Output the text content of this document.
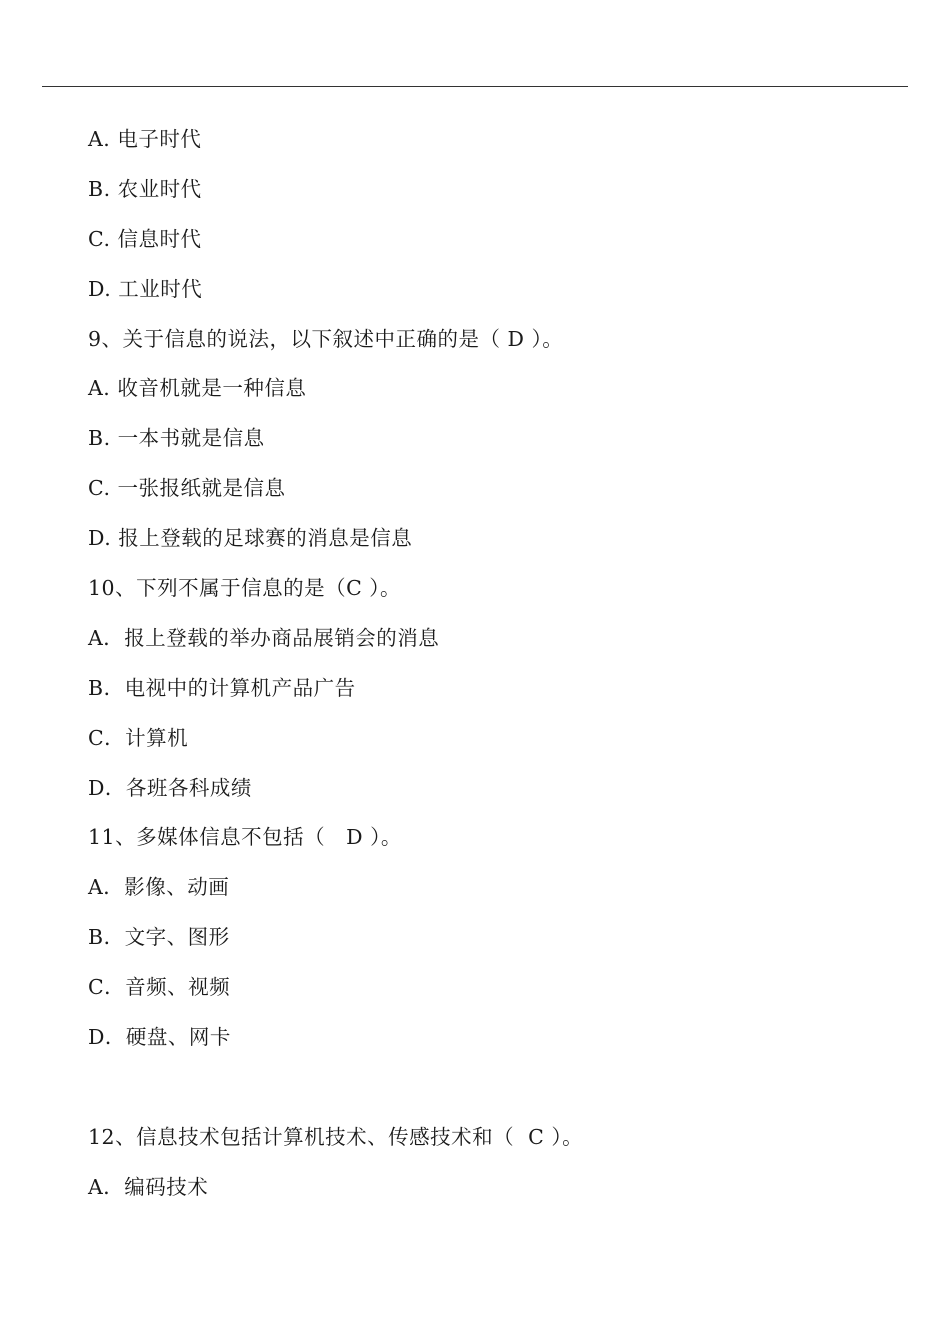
A. 电子时代
B. 农业时代
C. 信息时代
D. 工业时代
9、关于信息的说法，以下叙述中正确的是（ D ）。
A. 收音机就是一种信息
B. 一本书就是信息
C. 一张报纸就是信息
D. 报上登载的足球赛的消息是信息
10、下列不属于信息的是（C ）。
A．报上登载的举办商品展销会的消息
B．电视中的计算机产品广告
C．计算机
D．各班各科成绩
11、多媒体信息不包括（   D ）。
A．影像、动画
B．文字、图形
C．音频、视频
D．硬盘、网卡
12、信息技术包括计算机技术、传感技术和（  C ）。
A．编码技术
